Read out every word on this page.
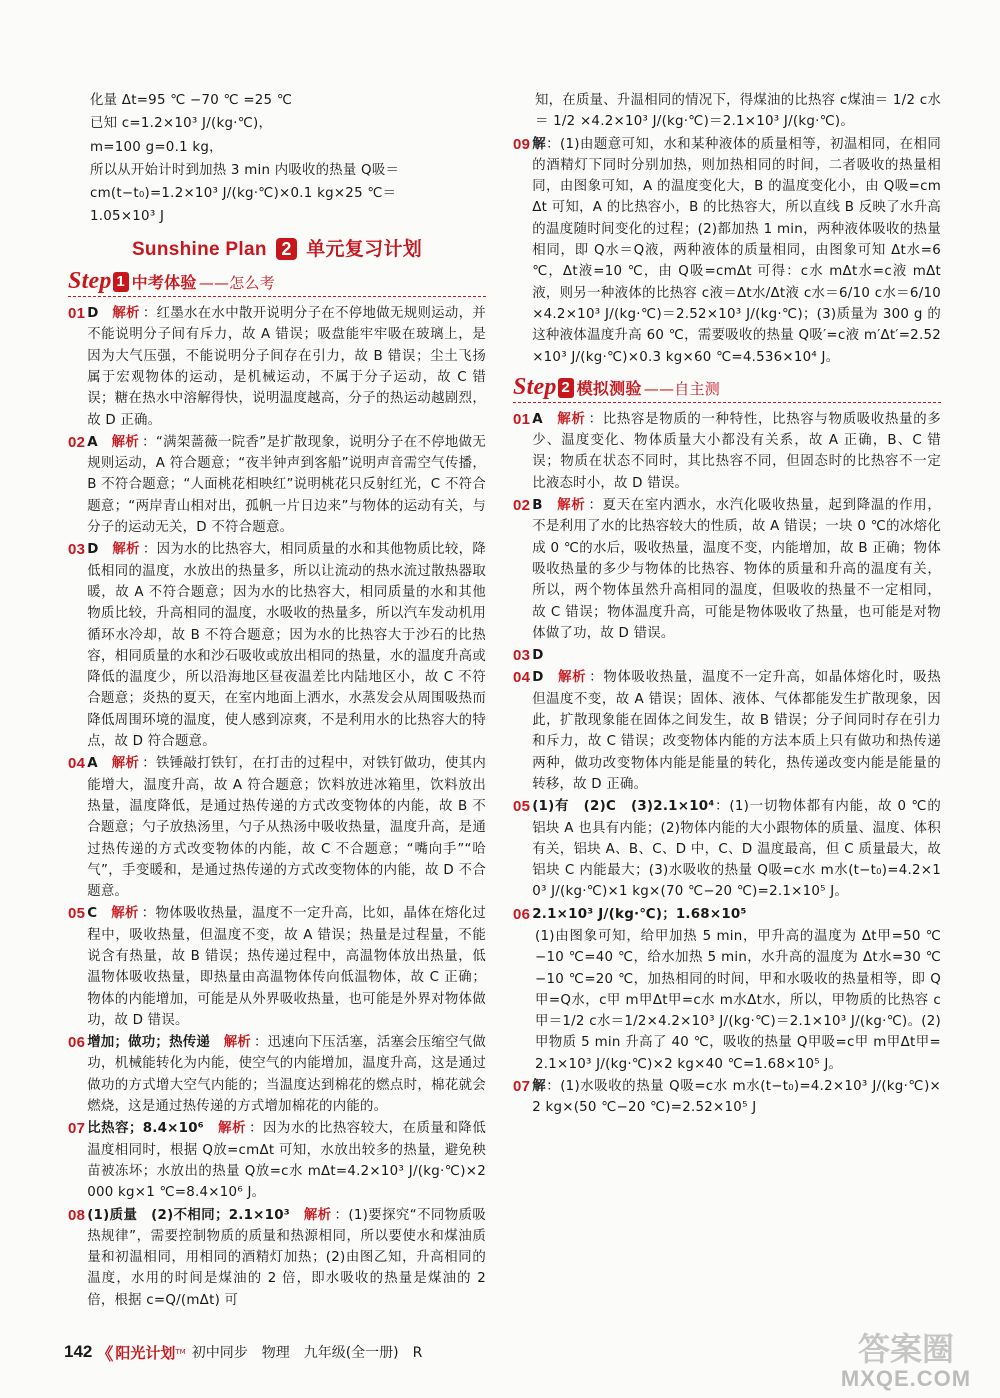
化量 Δt=95 ℃ −70 ℃ =25 ℃

已知 c=1.2×10³ J/(kg·℃)，

m=100 g=0.1 kg，

所以从开始计时到加热 3 min 内吸收的热量 Q吸＝

cm(t−t₀)=1.2×10³ J/(kg·℃)×0.1 kg×25 ℃＝

1.05×10³ J

Sunshine Plan 2 单元复习计划
Step 1 中考体验 ——怎么考
01 D　 解析 ：红墨水在水中散开说明分子在不停地做无规则运动，并不能说明分子间有斥力，故 A 错误；吸盘能牢牢吸在玻璃上，是因为大气压强，不能说明分子间存在引力，故 B 错误；尘土飞扬属于宏观物体的运动，是机械运动，不属于分子运动，故 C 错误；糖在热水中溶解得快，说明温度越高，分子的热运动越剧烈，故 D 正确。
02 A　 解析 ：“满架蔷薇一院香”是扩散现象，说明分子在不停地做无规则运动，A 符合题意；“夜半钟声到客船”说明声音需空气传播，B 不符合题意；“人面桃花相映红”说明桃花只反射红光，C 不符合题意；“两岸青山相对出，孤帆一片日边来”与物体的运动有关，与分子的运动无关，D 不符合题意。
03 D　 解析 ：因为水的比热容大，相同质量的水和其他物质比较，降低相同的温度，水放出的热量多，所以让流动的热水流过散热器取暖，故 A 不符合题意；因为水的比热容大，相同质量的水和其他物质比较，升高相同的温度，水吸收的热量多，所以汽车发动机用循环水冷却，故 B 不符合题意；因为水的比热容大于沙石的比热容，相同质量的水和沙石吸收或放出相同的热量，水的温度升高或降低的温度少，所以沿海地区昼夜温差比内陆地区小，故 C 不符合题意；炎热的夏天，在室内地面上洒水，水蒸发会从周围吸热而降低周围环境的温度，使人感到凉爽，不是利用水的比热容大的特点，故 D 符合题意。
04 A　 解析 ：铁锤敲打铁钉，在打击的过程中，对铁钉做功，使其内能增大，温度升高，故 A 符合题意；饮料放进冰箱里，饮料放出热量，温度降低，是通过热传递的方式改变物体的内能，故 B 不合题意；勺子放热汤里，勺子从热汤中吸收热量，温度升高，是通过热传递的方式改变物体的内能，故 C 不合题意；“嘴向手”“哈气”，手变暖和，是通过热传递的方式改变物体的内能，故 D 不合题意。
05 C　 解析 ：物体吸收热量，温度不一定升高，比如，晶体在熔化过程中，吸收热量，但温度不变，故 A 错误；热量是过程量，不能说含有热量，故 B 错误；热传递过程中，高温物体放出热量，低温物体吸收热量，即热量由高温物体传向低温物体，故 C 正确；物体的内能增加，可能是从外界吸收热量，也可能是外界对物体做功，故 D 错误。
06 增加；做功；热传递　 解析 ：迅速向下压活塞，活塞会压缩空气做功，机械能转化为内能，使空气的内能增加，温度升高，这是通过做功的方式增大空气内能的；当温度达到棉花的燃点时，棉花就会燃烧，这是通过热传递的方式增加棉花的内能的。
07 比热容；8.4×10⁶　 解析 ：因为水的比热容较大，在质量和降低温度相同时，根据 Q放=cmΔt 可知，水放出较多的热量，避免秧苗被冻坏；水放出的热量 Q放=c水 mΔt=4.2×10³ J/(kg·℃)×2000 kg×1 ℃=8.4×10⁶ J。
08 (1)质量　(2)不相同；2.1×10³　 解析 ：(1)要探究“不同物质吸热规律”，需要控制物质的质量和热源相同，所以要使水和煤油质量和初温相同，用相同的酒精灯加热；(2)由图乙知，升高相同的温度，水用的时间是煤油的 2 倍，即水吸收的热量是煤油的 2 倍，根据 c=Q/(mΔt) 可
知，在质量、升温相同的情况下，得煤油的比热容 c煤油＝ 1/2 c水＝ 1/2 ×4.2×10³ J/(kg·℃)＝2.1×10³ J/(kg·℃)。
09 解：(1)由题意可知，水和某种液体的质量相等，初温相同，在相同的酒精灯下同时分别加热，则加热相同的时间，二者吸收的热量相同，由图象可知，A 的温度变化大，B 的温度变化小，由 Q吸=cmΔt 可知，A 的比热容小，B 的比热容大，所以直线 B 反映了水升高的温度随时间变化的过程；(2)都加热 1 min，两种液体吸收的热量相同，即 Q水＝Q液，两种液体的质量相同，由图象可知 Δt水=6 ℃，Δt液=10 ℃，由 Q吸=cmΔt 可得：c水 mΔt水=c液 mΔt液，则另一种液体的比热容 c液＝Δt水/Δt液 c水＝6/10 c水＝6/10×4.2×10³ J/(kg·℃)＝2.52×10³ J/(kg·℃)；(3)质量为 300 g 的这种液体温度升高 60 ℃，需要吸收的热量 Q吸′=c液 m′Δt′=2.52×10³ J/(kg·℃)×0.3 kg×60 ℃=4.536×10⁴ J。
Step 2 模拟测验 ——自主测
01 A　 解析 ：比热容是物质的一种特性，比热容与物质吸收热量的多少、温度变化、物体质量大小都没有关系，故 A 正确，B、C 错误；物质在状态不同时，其比热容不同，但固态时的比热容不一定比液态时小，故 D 错误。
02 B　 解析 ：夏天在室内洒水，水汽化吸收热量，起到降温的作用，不是利用了水的比热容较大的性质，故 A 错误；一块 0 ℃的冰熔化成 0 ℃的水后，吸收热量，温度不变，内能增加，故 B 正确；物体吸收热量的多少与物体的比热容、物体的质量和升高的温度有关，所以，两个物体虽然升高相同的温度，但吸收的热量不一定相同，故 C 错误；物体温度升高，可能是物体吸收了热量，也可能是对物体做了功，故 D 错误。
03 D
04 D　 解析 ：物体吸收热量，温度不一定升高，如晶体熔化时，吸热但温度不变，故 A 错误；固体、液体、气体都能发生扩散现象，因此，扩散现象能在固体之间发生，故 B 错误；分子间同时存在引力和斥力，故 C 错误；改变物体内能的方法本质上只有做功和热传递两种，做功改变物体内能是能量的转化，热传递改变内能是能量的转移，故 D 正确。
05 (1)有　(2)C　(3)2.1×10⁴：(1)一切物体都有内能，故 0 ℃的铝块 A 也具有内能；(2)物体内能的大小跟物体的质量、温度、体积有关，铝块 A、B、C、D 中，C、D 温度最高，但 C 质量最大，故铝块 C 内能最大；(3)水吸收的热量 Q吸=c水 m水(t−t₀)=4.2×10³ J/(kg·℃)×1 kg×(70 ℃−20 ℃)=2.1×10⁵ J。
06 2.1×10³ J/(kg·℃)；1.68×10⁵
(1)由图象可知，给甲加热 5 min，甲升高的温度为 Δt甲=50 ℃−10 ℃=40 ℃，给水加热 5 min，水升高的温度为 Δt水=30 ℃−10 ℃=20 ℃，加热相同的时间，甲和水吸收的热量相等，即 Q甲=Q水，c甲 m甲Δt甲=c水 m水Δt水，所以，甲物质的比热容 c甲＝1/2 c水＝1/2×4.2×10³ J/(kg·℃)＝2.1×10³ J/(kg·℃)。(2)甲物质 5 min 升高了 40 ℃，吸收的热量 Q甲吸=c甲 m甲Δt甲=2.1×10³ J/(kg·℃)×2 kg×40 ℃=1.68×10⁵ J。
07 解：(1)水吸收的热量 Q吸=c水 m水(t−t₀)=4.2×10³ J/(kg·℃)×2 kg×(50 ℃−20 ℃)=2.52×10⁵ J
142 《 阳光计划 TM 初中同步　物理　九年级(全一册)　R	答案圈
MXQE.COM
